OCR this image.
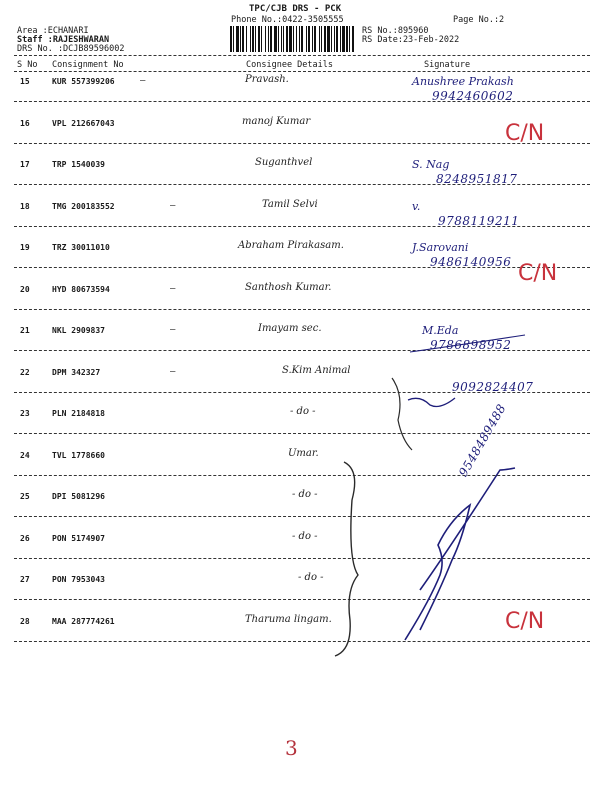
TPC/CJB DRS - PCK
Phone No.:0422-3505555	Page No.:2
Area :ECHANARI
Staff :RAJESHWARAN
DRS No. :DCJB89596002
RS No.:895960
RS Date:23-Feb-2022
S No Consignment No	Consignee Details	Signature
15	KUR 557399206	—	Pravash.	Anushree Prakash
9942460602
16	VPL 212667043	manoj Kumar	C/N
17	TRP 1540039	Suganthvel	S. Nag
8248951817
18	TMG 200183552	—	Tamil Selvi	v.
9788119211
19	TRZ 30011010	Abraham Pirakasam.	J.Sarovani
9486140956
20	HYD 80673594	—	Santhosh Kumar.
C/N
21	NKL 2909837	—	Imayam sec.	M.Eda
9786898952
22	DPM 342327	—	S.Kim Animal
9092824407
23	PLN 2184818	- do -
24	TVL 1778660	Umar.
25	DPI 5081296	- do -
9548489488
26	PON 5174907	- do -
27	PON 7953043	- do -
28	MAA 287774261	Tharuma lingam.	C/N
3
